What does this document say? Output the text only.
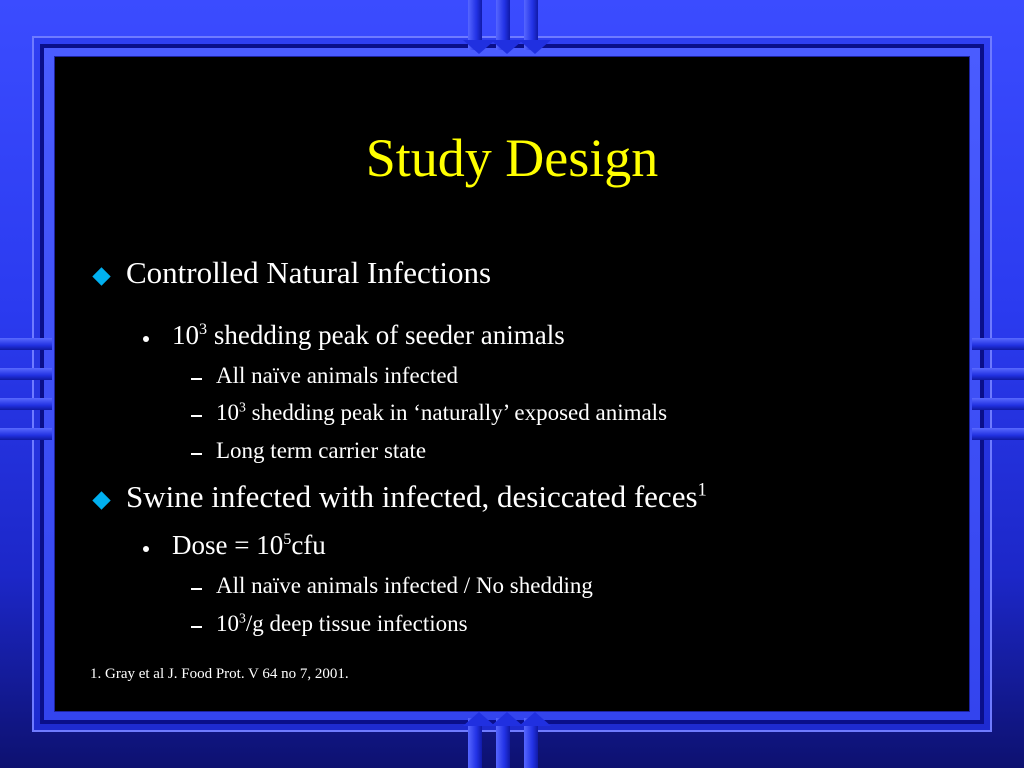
Study Design
Controlled Natural Infections
$10^3$ shedding peak of seeder animals
All naïve animals infected
$10^3$ shedding peak in ‘naturally’ exposed animals
Long term carrier state
Swine infected with infected, desiccated feces$^1$
Dose = $10^5cfu$
All naïve animals infected / No shedding
$10^3/g$ deep tissue infections
1. Gray et al J. Food Prot. V 64 no 7, 2001.
